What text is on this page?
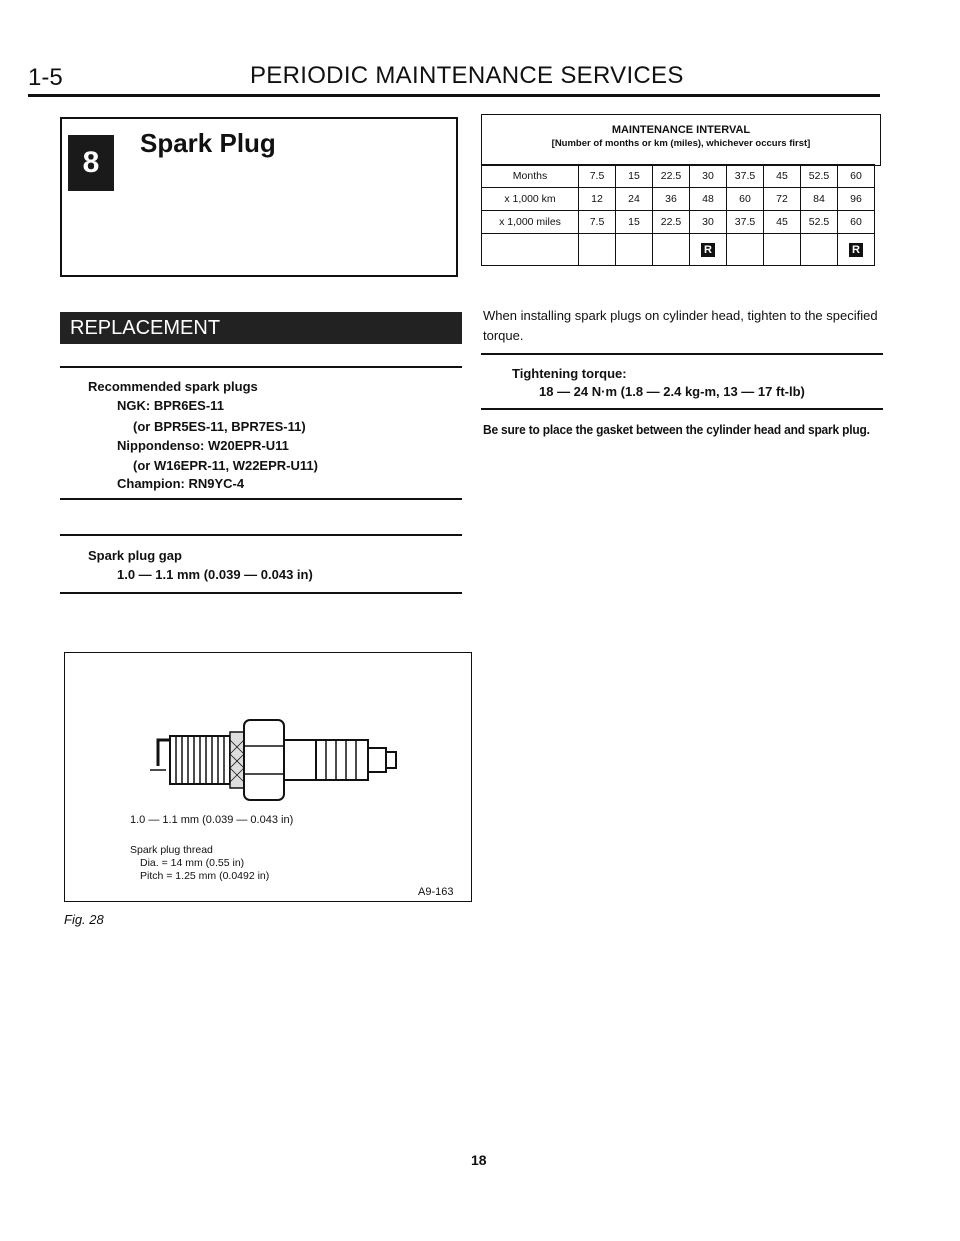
1-5	PERIODIC MAINTENANCE SERVICES
8
Spark Plug
REPLACEMENT
Recommended spark plugs
NGK: BPR6ES-11
(or BPR5ES-11, BPR7ES-11)
Nippondenso: W20EPR-U11
(or W16EPR-11, W22EPR-U11)
Champion: RN9YC-4
Spark plug gap
1.0 — 1.1 mm (0.039 — 0.043 in)
1.0 — 1.1 mm (0.039 — 0.043 in)
Spark plug thread
Dia. = 14 mm (0.55 in)
Pitch = 1.25 mm (0.0492 in)
A9-163
Fig. 28
MAINTENANCE INTERVAL
[Number of months or km (miles), whichever occurs first]
Months	7.5	15	22.5	30	37.5	45	52.5	60
x 1,000 km	12	24	36	48	60	72	84	96
x 1,000 miles	7.5	15	22.5	30	37.5	45	52.5	60
				R				R
When installing spark plugs on cylinder head, tighten to the specified torque.
Tightening torque:
18 — 24 N·m (1.8 — 2.4 kg-m, 13 — 17 ft-lb)
Be sure to place the gasket between the cylinder head and spark plug.
18
